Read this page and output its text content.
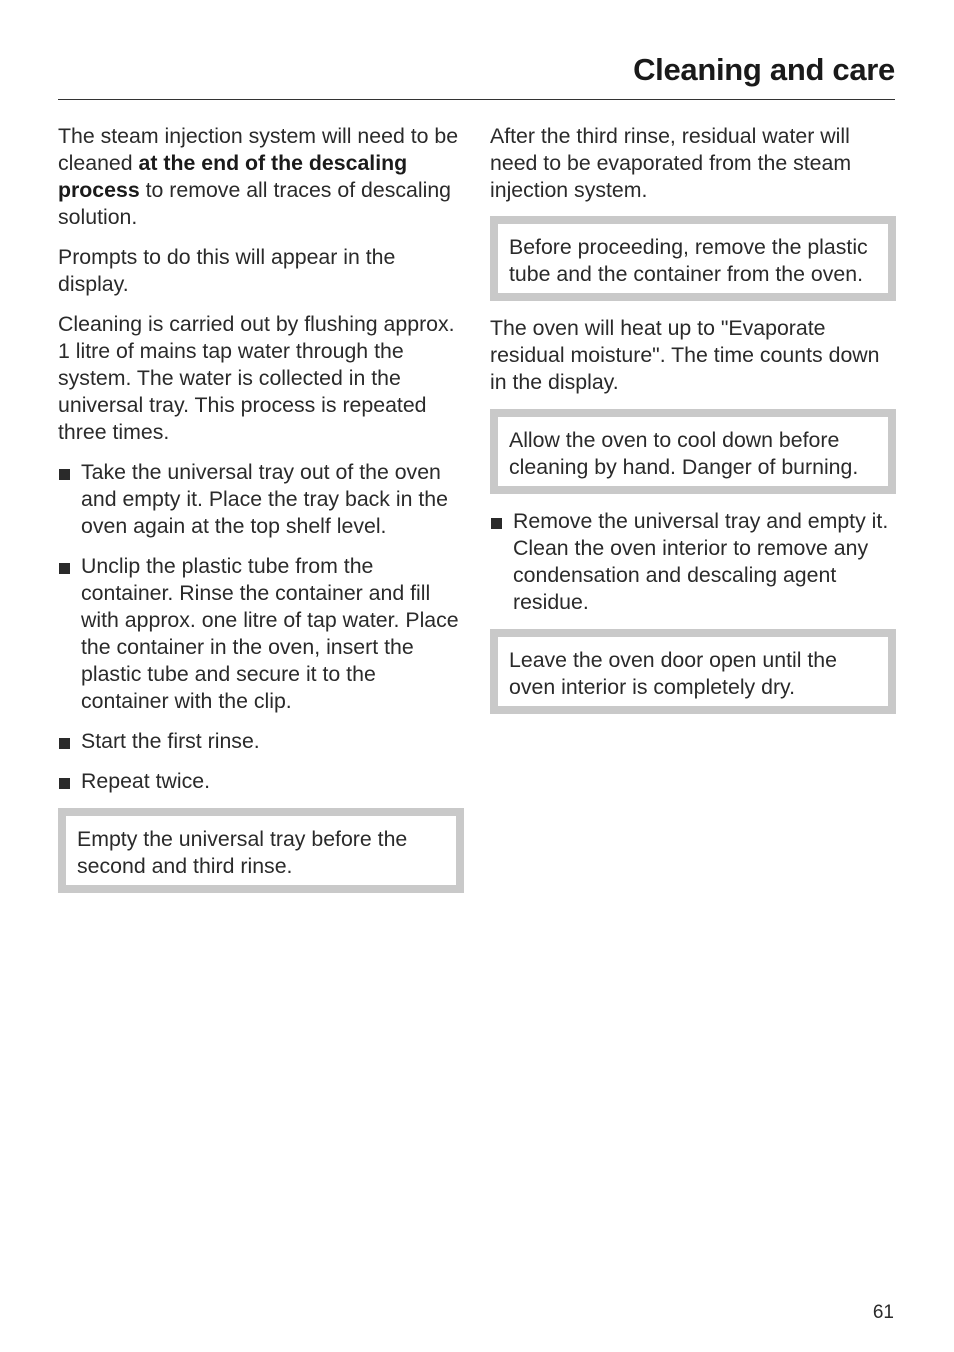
Cleaning and care

The steam injection system will need to be cleaned at the end of the descaling process to remove all traces of descaling solution.

Prompts to do this will appear in the display.

Cleaning is carried out by flushing approx. 1 litre of mains tap water through the system. The water is collected in the universal tray. This process is repeated three times.

Take the universal tray out of the oven and empty it. Place the tray back in the oven again at the top shelf level.
Unclip the plastic tube from the container. Rinse the container and fill with approx. one litre of tap water. Place the container in the oven, insert the plastic tube and secure it to the container with the clip.
Start the first rinse.
Repeat twice.
Empty the universal tray before the second and third rinse.

After the third rinse, residual water will need to be evaporated from the steam injection system.

Before proceeding, remove the plastic tube and the container from the oven.

The oven will heat up to "Evaporate residual moisture". The time counts down in the display.

Allow the oven to cool down before cleaning by hand. Danger of burning.
Remove the universal tray and empty it. Clean the oven interior to remove any condensation and descaling agent residue.
Leave the oven door open until the oven interior is completely dry.
61
